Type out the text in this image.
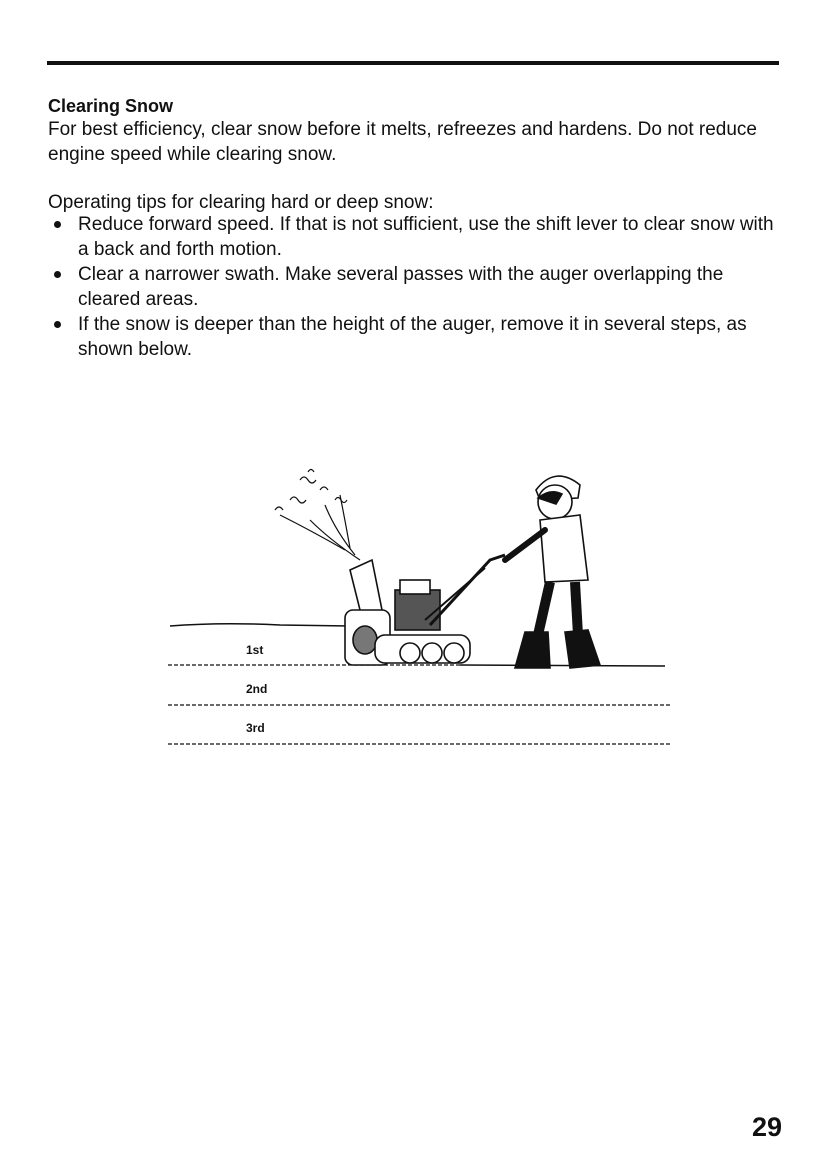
Clearing Snow
For best efficiency, clear snow before it melts, refreezes and hardens. Do not reduce engine speed while clearing snow.
Operating tips for clearing hard or deep snow:
Reduce forward speed. If that is not sufficient, use the shift lever to clear snow with a back and forth motion.
Clear a narrower swath. Make several passes with the auger overlapping the cleared areas.
If the snow is deeper than the height of the auger, remove it in several steps, as shown below.
1st
2nd
3rd
29
